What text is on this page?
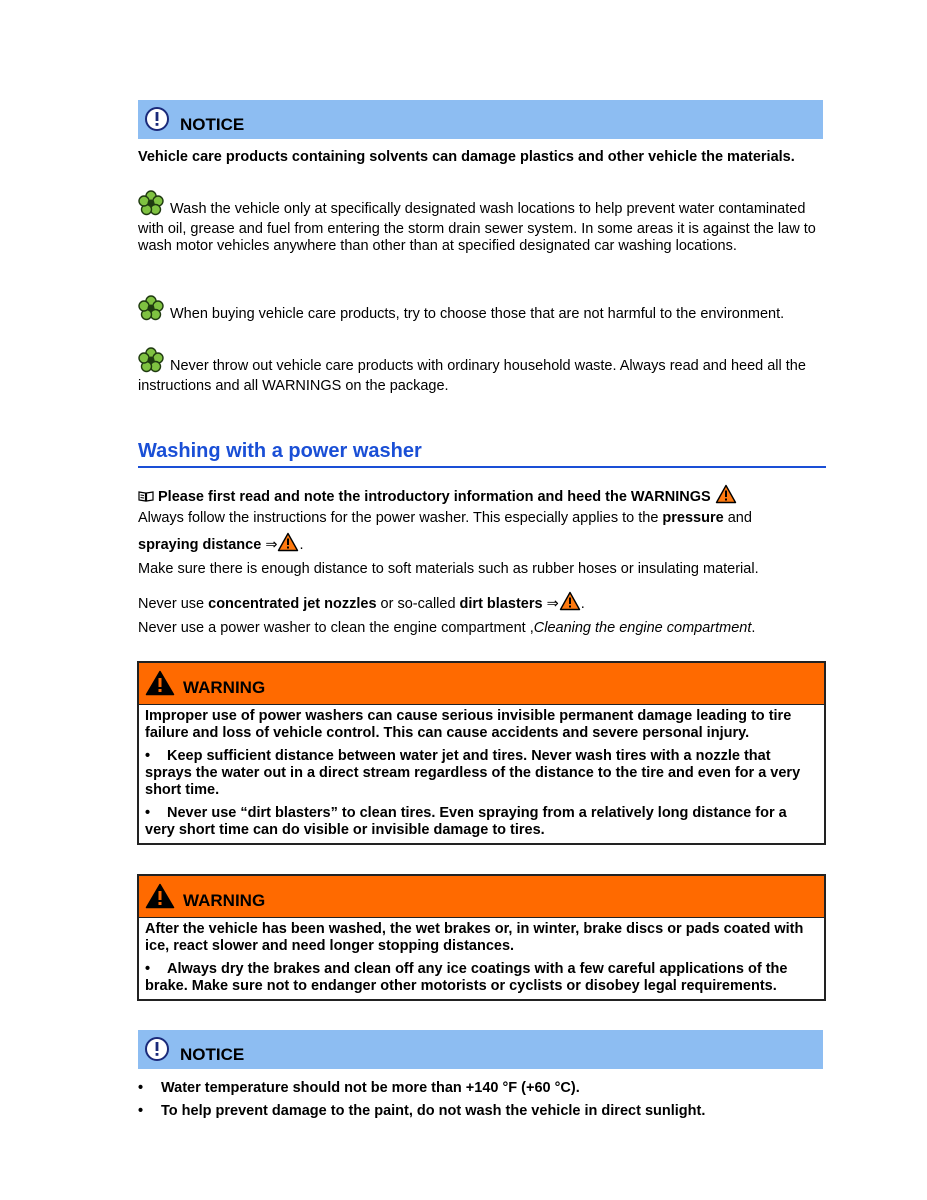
NOTICE
Vehicle care products containing solvents can damage plastics and other vehicle the materials.
Wash the vehicle only at specifically designated wash locations to help prevent water contaminated with oil, grease and fuel from entering the storm drain sewer system. In some areas it is against the law to wash motor vehicles anywhere than other than at specified designated car washing locations.
When buying vehicle care products, try to choose those that are not harmful to the environment.
Never throw out vehicle care products with ordinary household waste. Always read and heed all the instructions and all WARNINGS on the package.
Washing with a power washer
Please first read and note the introductory information and heed the WARNINGS
Always follow the instructions for the power washer. This especially applies to the pressure and
spraying distance ⇒ .
Make sure there is enough distance to soft materials such as rubber hoses or insulating material.
Never use concentrated jet nozzles or so-called dirt blasters ⇒ .
Never use a power washer to clean the engine compartment ,Cleaning the engine compartment.
WARNING
Improper use of power washers can cause serious invisible permanent damage leading to tire failure and loss of vehicle control. This can cause accidents and severe personal injury.
• Keep sufficient distance between water jet and tires. Never wash tires with a nozzle that sprays the water out in a direct stream regardless of the distance to the tire and even for a very short time.
• Never use “dirt blasters” to clean tires. Even spraying from a relatively long distance for a very short time can do visible or invisible damage to tires.
WARNING
After the vehicle has been washed, the wet brakes or, in winter, brake discs or pads coated with ice, react slower and need longer stopping distances.
• Always dry the brakes and clean off any ice coatings with a few careful applications of the brake. Make sure not to endanger other motorists or cyclists or disobey legal requirements.
NOTICE
• Water temperature should not be more than +140 °F (+60 °C).
• To help prevent damage to the paint, do not wash the vehicle in direct sunlight.
